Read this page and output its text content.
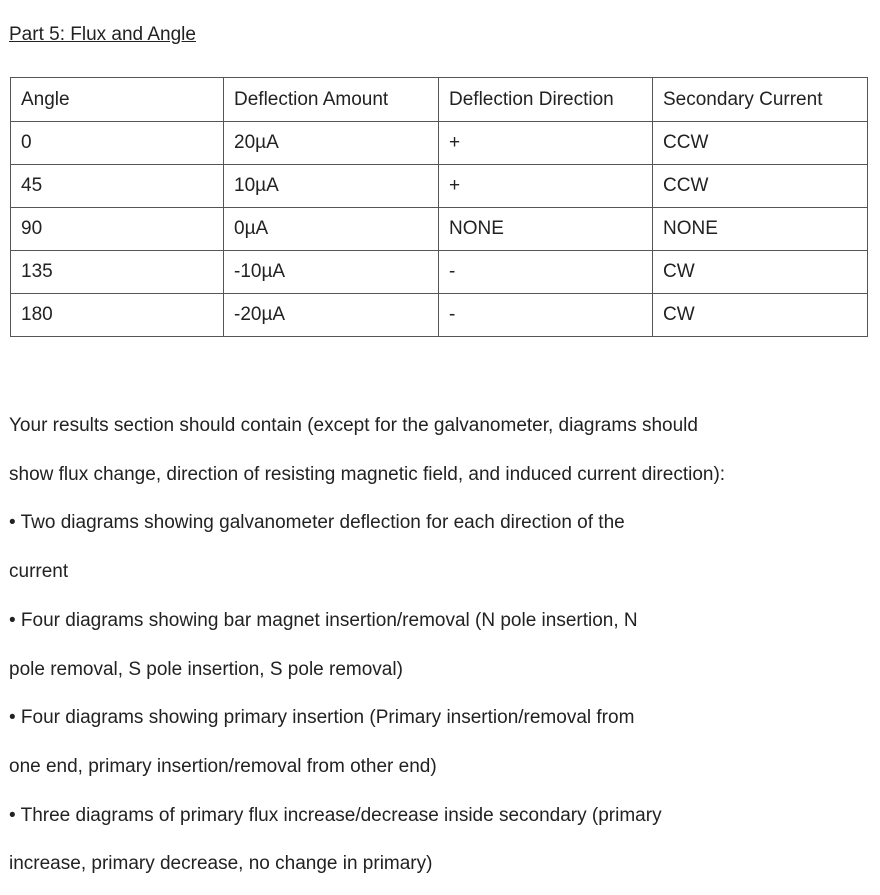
Part 5: Flux and Angle
Angle	Deflection Amount	Deflection Direction	Secondary Current
0	20µA	+	CCW
45	10µA	+	CCW
90	0µA	NONE	NONE
135	-10µA	-	CW
180	-20µA	-	CW

Your results section should contain (except for the galvanometer, diagrams should

show flux change, direction of resisting magnetic field, and induced current direction):

• Two diagrams showing galvanometer deflection for each direction of the

current

• Four diagrams showing bar magnet insertion/removal (N pole insertion, N

pole removal, S pole insertion, S pole removal)

• Four diagrams showing primary insertion (Primary insertion/removal from

one end, primary insertion/removal from other end)

• Three diagrams of primary flux increase/decrease inside secondary (primary

increase, primary decrease, no change in primary)
